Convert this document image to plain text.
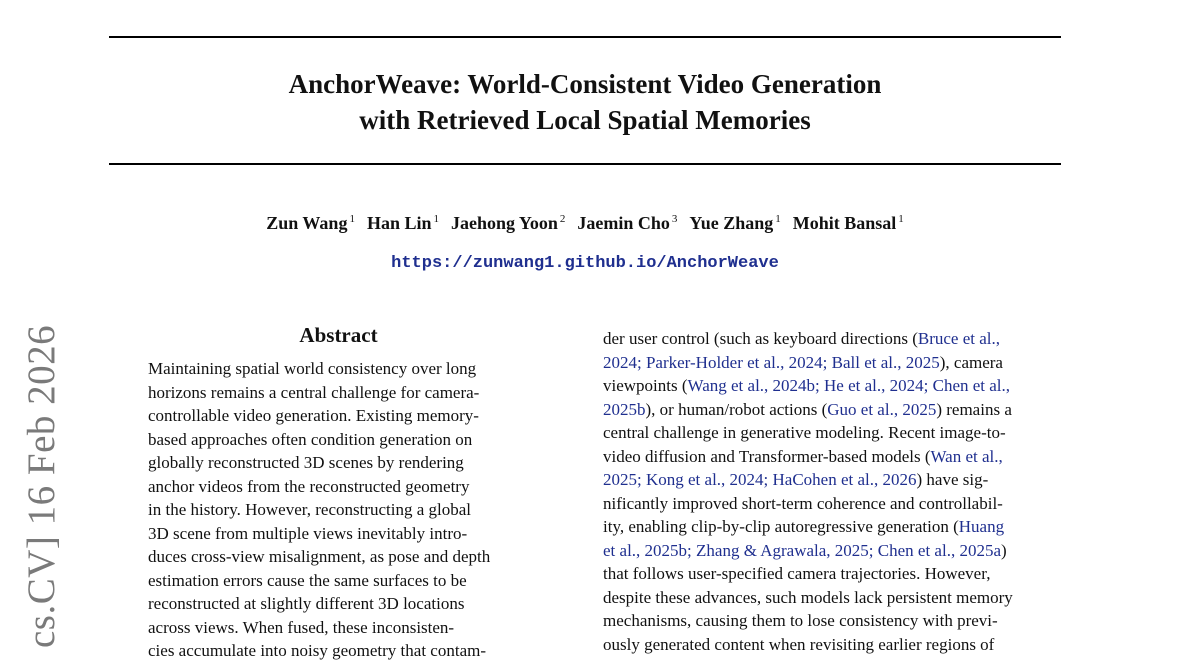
AnchorWeave: World-Consistent Video Generation
with Retrieved Local Spatial Memories
Zun Wang $^1$ Han Lin $^1$ Jaehong Yoon $^2$ Jaemin Cho $^3$ Yue Zhang $^1$ Mohit Bansal $^1$
https://zunwang1.github.io/AnchorWeave
cs.CV] 16 Feb 2026	Abstract
Maintaining spatial world consistency over long
horizons remains a central challenge for camera-
controllable video generation. Existing memory-
based approaches often condition generation on
globally reconstructed 3D scenes by rendering
anchor videos from the reconstructed geometry
in the history. However, reconstructing a global
3D scene from multiple views inevitably intro-
duces cross-view misalignment, as pose and depth
estimation errors cause the same surfaces to be
reconstructed at slightly different 3D locations
across views. When fused, these inconsisten-
cies accumulate into noisy geometry that contam-
der user control (such as keyboard directions (Bruce et al.,
2024; Parker-Holder et al., 2024; Ball et al., 2025), camera
viewpoints (Wang et al., 2024b; He et al., 2024; Chen et al.,
2025b), or human/robot actions (Guo et al., 2025) remains a
central challenge in generative modeling. Recent image-to-
video diffusion and Transformer-based models (Wan et al.,
2025; Kong et al., 2024; HaCohen et al., 2026) have sig-
nificantly improved short-term coherence and controllabil-
ity, enabling clip-by-clip autoregressive generation (Huang
et al., 2025b; Zhang & Agrawala, 2025; Chen et al., 2025a)
that follows user-specified camera trajectories. However,
despite these advances, such models lack persistent memory
mechanisms, causing them to lose consistency with previ-
ously generated content when revisiting earlier regions of
